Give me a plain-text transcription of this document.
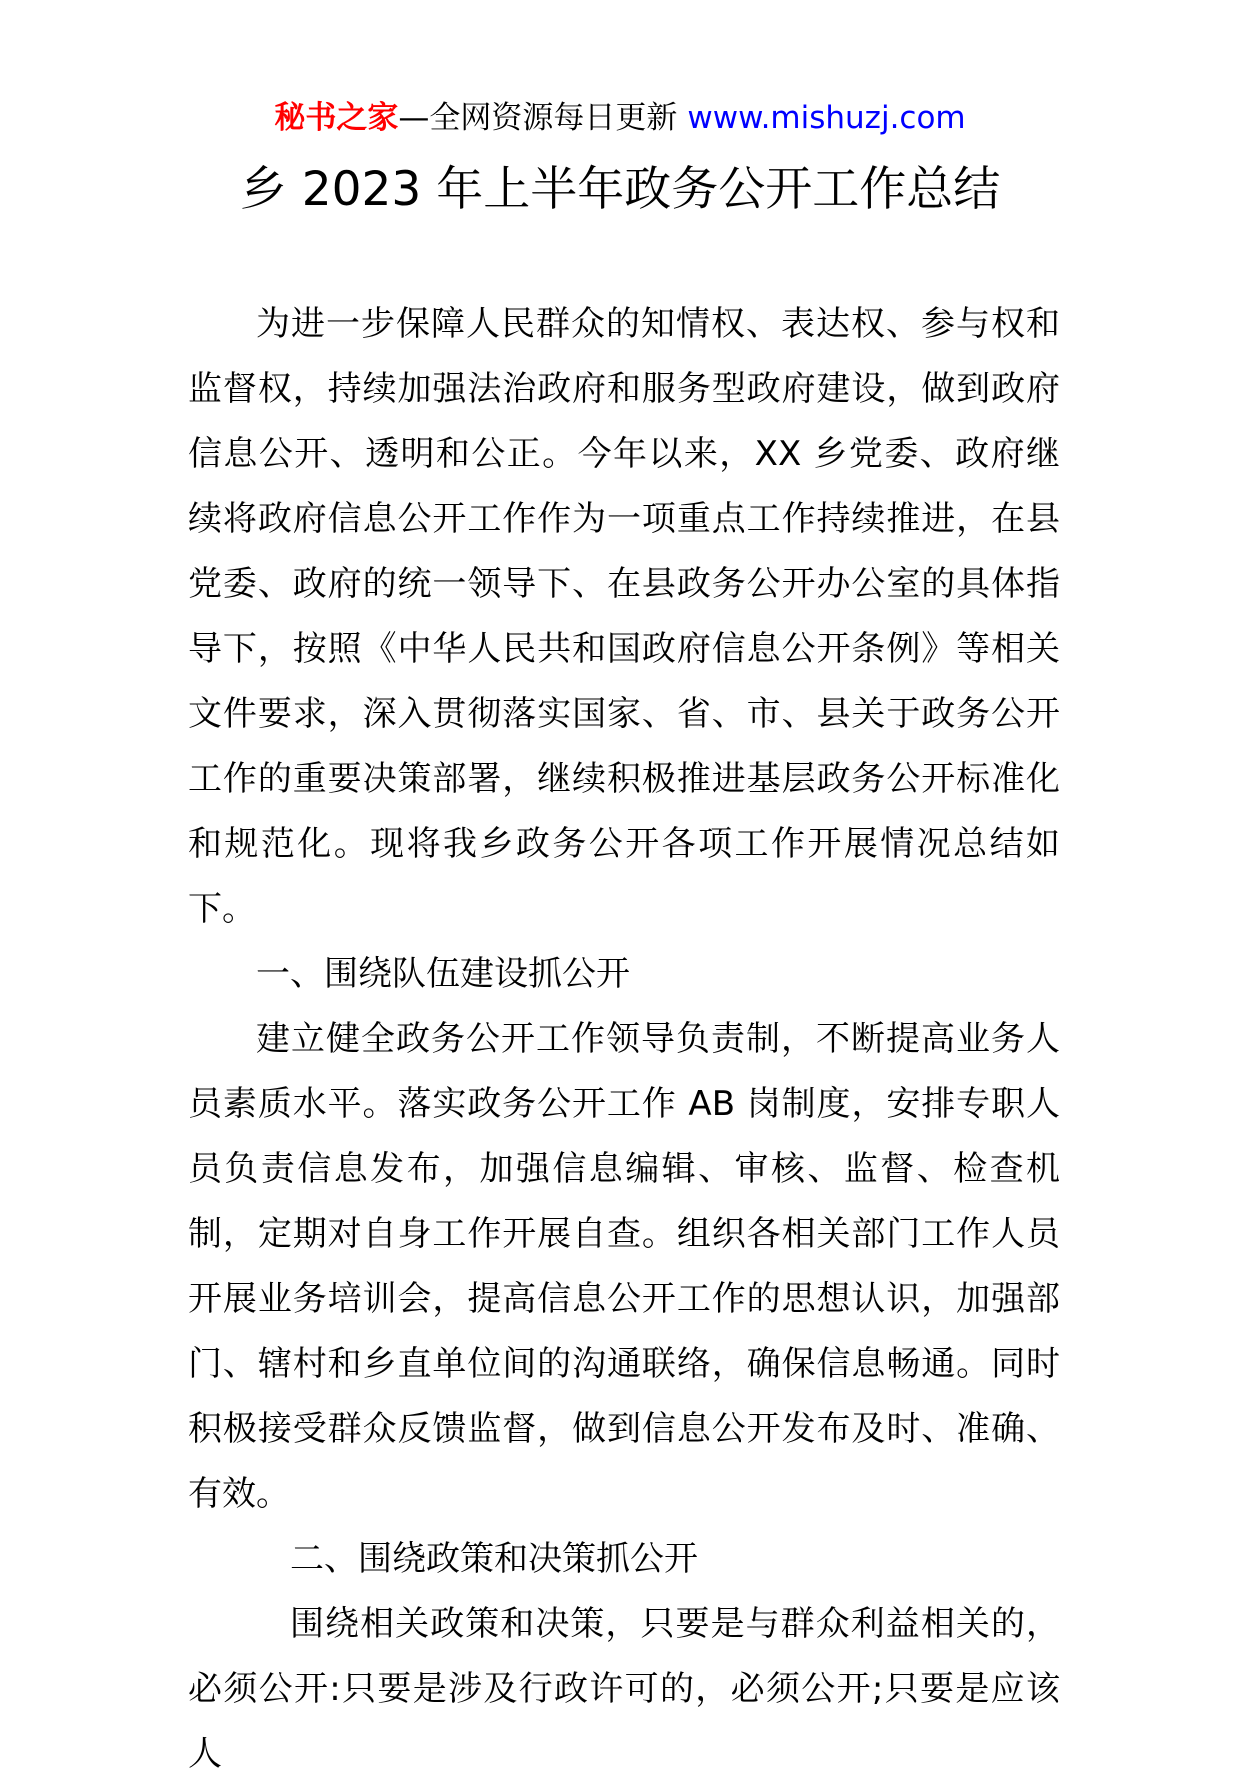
秘书之家—全网资源每日更新 www.mishuzj.com
乡 2023 年上半年政务公开工作总结

为进一步保障人民群众的知情权、表达权、参与权和监督权，持续加强法治政府和服务型政府建设，做到政府信息公开、透明和公正。今年以来，XX 乡党委、政府继续将政府信息公开工作作为一项重点工作持续推进，在县党委、政府的统一领导下、在县政务公开办公室的具体指导下，按照《中华人民共和国政府信息公开条例》等相关文件要求，深入贯彻落实国家、省、市、县关于政务公开工作的重要决策部署，继续积极推进基层政务公开标准化和规范化。现将我乡政务公开各项工作开展情况总结如下。

一、围绕队伍建设抓公开

建立健全政务公开工作领导负责制，不断提高业务人员素质水平。落实政务公开工作 AB 岗制度，安排专职人员负责信息发布，加强信息编辑、审核、监督、检查机制，定期对自身工作开展自查。组织各相关部门工作人员开展业务培训会，提高信息公开工作的思想认识，加强部门、辖村和乡直单位间的沟通联络，确保信息畅通。同时积极接受群众反馈监督，做到信息公开发布及时、准确、有效。

二、围绕政策和决策抓公开

围绕相关政策和决策，只要是与群众利益相关的，必须公开:只要是涉及行政许可的，必须公开;只要是应该人
